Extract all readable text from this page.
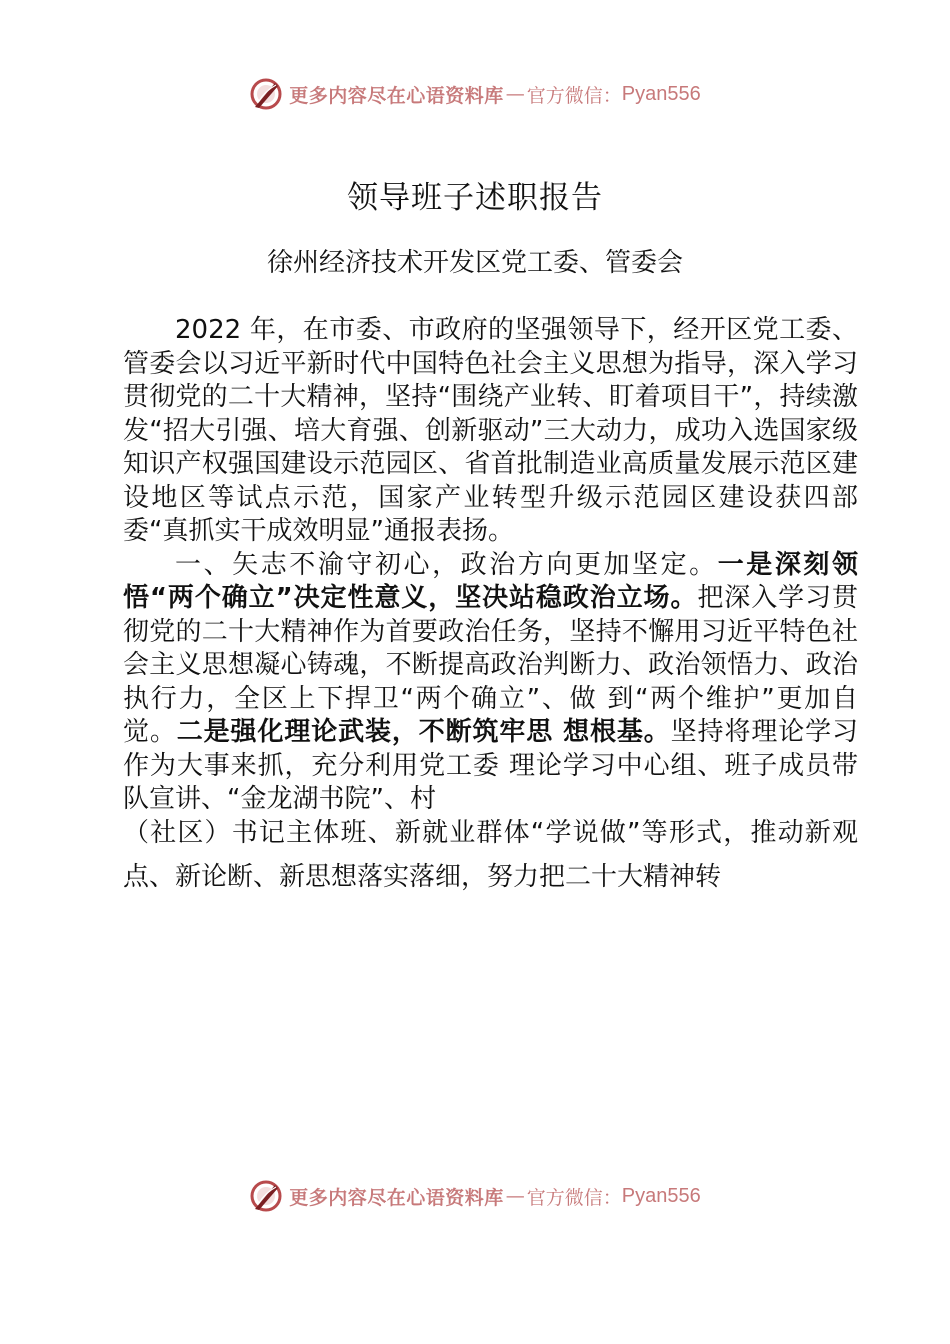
更多内容尽在心语资料库 — 官方微信： Pyan556
领导班子述职报告
徐州经济技术开发区党工委、管委会

2022 年，在市委、市政府的坚强领导下，经开区党工委、管委会以习近平新时代中国特色社会主义思想为指导，深入学习贯彻党的二十大精神，坚持“围绕产业转、盯着项目干”，持续激发“招大引强、培大育强、创新驱动”三大动力，成功入选国家级知识产权强国建设示范园区、省首批制造业高质量发展示范区建设地区等试点示范，国家产业转型升级示范园区建设获四部委“真抓实干成效明显”通报表扬。

一、矢志不渝守初心，政治方向更加坚定。一是深刻领悟“两个确立”决定性意义，坚决站稳政治立场。把深入学习贯彻党的二十大精神作为首要政治任务，坚持不懈用习近平特色社会主义思想凝心铸魂，不断提高政治判断力、政治领悟力、政治执行力，全区上下捍卫“两个确立”、做 到“两个维护”更加自觉。二是强化理论武装，不断筑牢思 想根基。坚持将理论学习作为大事来抓，充分利用党工委 理论学习中心组、班子成员带队宣讲、“金龙湖书院”、村

（社区）书记主体班、新就业群体“学说做”等形式，推动新观点、新论断、新思想落实落细，努力把二十大精神转

更多内容尽在心语资料库 — 官方微信： Pyan556
